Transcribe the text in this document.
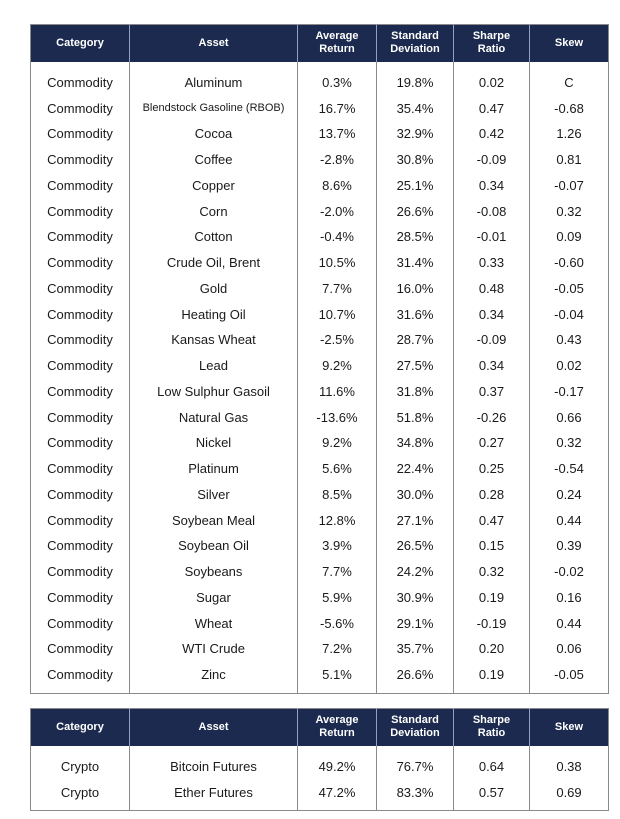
Category	Asset	Average Return	Standard Deviation	Sharpe Ratio	Skew
Commodity	Aluminum	0.3%	19.8%	0.02	C
Commodity	Blendstock Gasoline (RBOB)	16.7%	35.4%	0.47	-0.68
Commodity	Cocoa	13.7%	32.9%	0.42	1.26
Commodity	Coffee	-2.8%	30.8%	-0.09	0.81
Commodity	Copper	8.6%	25.1%	0.34	-0.07
Commodity	Corn	-2.0%	26.6%	-0.08	0.32
Commodity	Cotton	-0.4%	28.5%	-0.01	0.09
Commodity	Crude Oil, Brent	10.5%	31.4%	0.33	-0.60
Commodity	Gold	7.7%	16.0%	0.48	-0.05
Commodity	Heating Oil	10.7%	31.6%	0.34	-0.04
Commodity	Kansas Wheat	-2.5%	28.7%	-0.09	0.43
Commodity	Lead	9.2%	27.5%	0.34	0.02
Commodity	Low Sulphur Gasoil	11.6%	31.8%	0.37	-0.17
Commodity	Natural Gas	-13.6%	51.8%	-0.26	0.66
Commodity	Nickel	9.2%	34.8%	0.27	0.32
Commodity	Platinum	5.6%	22.4%	0.25	-0.54
Commodity	Silver	8.5%	30.0%	0.28	0.24
Commodity	Soybean Meal	12.8%	27.1%	0.47	0.44
Commodity	Soybean Oil	3.9%	26.5%	0.15	0.39
Commodity	Soybeans	7.7%	24.2%	0.32	-0.02
Commodity	Sugar	5.9%	30.9%	0.19	0.16
Commodity	Wheat	-5.6%	29.1%	-0.19	0.44
Commodity	WTI Crude	7.2%	35.7%	0.20	0.06
Commodity	Zinc	5.1%	26.6%	0.19	-0.05
Category	Asset	Average Return	Standard Deviation	Sharpe Ratio	Skew
Crypto	Bitcoin Futures	49.2%	76.7%	0.64	0.38
Crypto	Ether Futures	47.2%	83.3%	0.57	0.69
